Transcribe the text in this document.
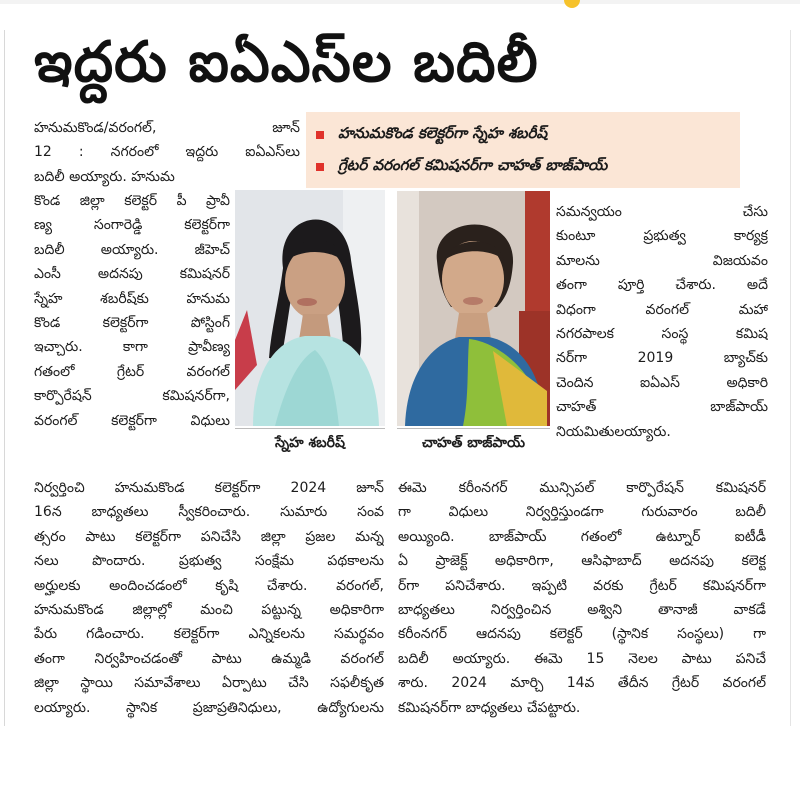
ఇద్దరు ఐఏఎస్‌ల బదిలీ
హనుమకొండ కలెక్టర్‌గా స్నేహ శబరీష్
గ్రేటర్ వరంగల్ కమిషనర్‌గా చాహత్ బాజ్‌పాయ్
హనుమకొండ/వరంగల్, జూన్
12 : నగరంలో ఇద్దరు ఐఏఎస్‌లు
బదిలీ అయ్యారు. హనుమ
కొండ జిల్లా కలెక్టర్ పీ ప్రావీ
ణ్య సంగారెడ్డి కలెక్టర్‌గా
బదిలీ అయ్యారు. జీహెచ్
ఎంసీ అదనపు కమిషనర్
స్నేహ శబరీష్‌కు హనుమ
కొండ కలెక్టర్‌గా పోస్టింగ్
ఇచ్చారు. కాగా ప్రావీణ్య
గతంలో గ్రేటర్ వరంగల్
కార్పొరేషన్ కమిషనర్‌గా,
వరంగల్ కలెక్టర్‌గా విధులు
స్నేహ శబరీష్	చాహత్ బాజ్‌పాయ్
సమన్వయం చేసు
కుంటూ ప్రభుత్వ కార్యక్ర
మాలను విజయవం
తంగా పూర్తి చేశారు. అదే
విధంగా వరంగల్ మహా
నగరపాలక సంస్థ కమిష
నర్‌గా 2019 బ్యాచ్‌కు
చెందిన ఐఏఎస్ అధికారి
చాహత్ బాజ్‌పాయ్
నియమితులయ్యారు.
నిర్వర్తించి హనుమకొండ కలెక్టర్‌గా 2024 జూన్
16న బాధ్యతలు స్వీకరించారు. సుమారు సంవ
త్సరం పాటు కలెక్టర్‌గా పనిచేసి జిల్లా ప్రజల మన్న
నలు పొందారు. ప్రభుత్వ సంక్షేమ పథకాలను
అర్హులకు అందించడంలో కృషి చేశారు. వరంగల్,
హనుమకొండ జిల్లాల్లో మంచి పట్టున్న అధికారిగా
పేరు గడించారు. కలెక్టర్‌గా ఎన్నికలను సమర్థవం
తంగా నిర్వహించడంతో పాటు ఉమ్మడి వరంగల్
జిల్లా స్థాయి సమావేశాలు ఏర్పాటు చేసి సఫలీకృత
లయ్యారు. స్థానిక ప్రజాప్రతినిధులు, ఉద్యోగులను
ఈమె కరీంనగర్ మున్సిపల్ కార్పొరేషన్ కమిషనర్
గా విధులు నిర్వర్తిస్తుండగా గురువారం బదిలీ
అయ్యింది. బాజ్‌పాయ్ గతంలో ఉట్నూర్ ఐటీడీ
ఏ ప్రాజెక్ట్ అధికారిగా, ఆసిఫాబాద్ అదనపు కలెక్ట
ర్‌గా పనిచేశారు. ఇప్పటి వరకు గ్రేటర్ కమిషనర్‌గా
బాధ్యతలు నిర్వర్తించిన అశ్విని తానాజీ వాకడే
కరీంనగర్ ఆదనపు కలెక్టర్ (స్థానిక సంస్థలు) గా
బదిలీ అయ్యారు. ఈమె 15 నెలల పాటు పనిచే
శారు. 2024 మార్చి 14వ తేదీన గ్రేటర్ వరంగల్
కమిషనర్‌గా బాధ్యతలు చేపట్టారు.
